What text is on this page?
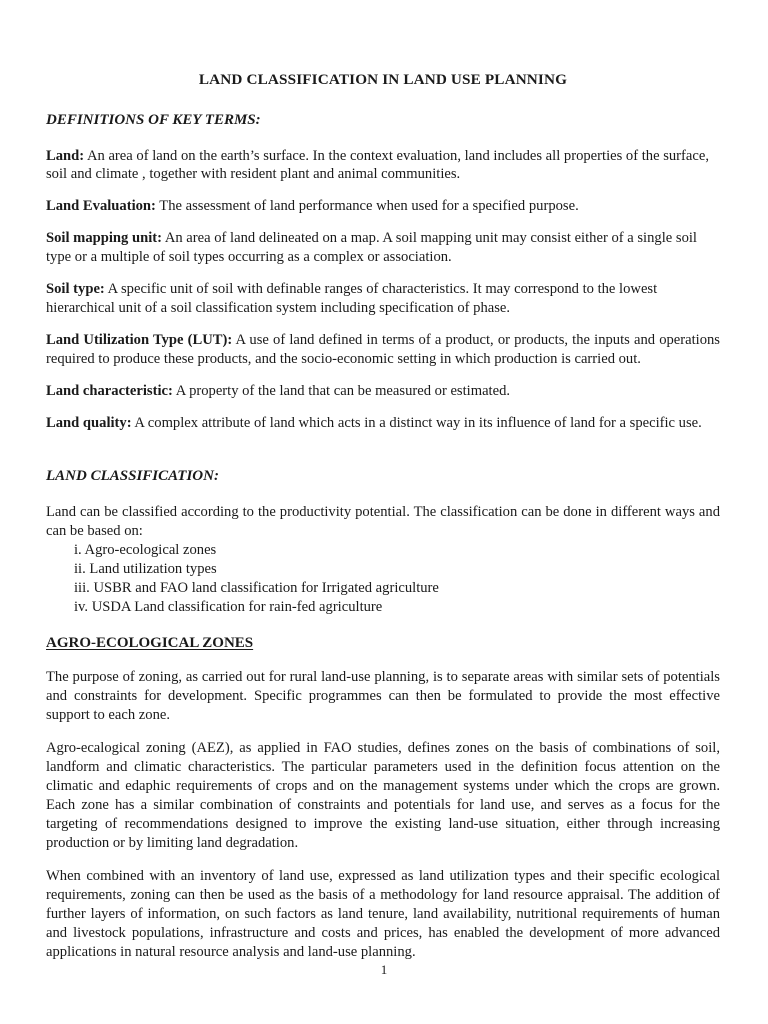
LAND CLASSIFICATION IN LAND USE PLANNING
DEFINITIONS OF KEY TERMS:

Land: An area of land on the earth’s surface. In the context evaluation, land includes all properties of the surface, soil and climate , together with resident plant and animal communities.

Land Evaluation: The assessment of land performance when used for a specified purpose.

Soil mapping unit: An area of land delineated on a map. A soil mapping unit may consist either of a single soil type or a multiple of soil types occurring as a complex or association.

Soil type: A specific unit of soil with definable ranges of characteristics. It may correspond to the lowest hierarchical unit of a soil classification system including specification of phase.

Land Utilization Type (LUT): A use of land defined in terms of a product, or products, the inputs and operations required to produce these products, and the socio-economic setting in which production is carried out.

Land characteristic: A property of the land that can be measured or estimated.

Land quality: A complex attribute of land which acts in a distinct way in its influence of land for a specific use.

LAND CLASSIFICATION:

Land can be classified according to the productivity potential. The classification can be done in different ways and can be based on:

i. Agro-ecological zones
ii. Land utilization types
iii. USBR and FAO land classification for Irrigated agriculture
iv. USDA Land classification for rain-fed agriculture
AGRO-ECOLOGICAL ZONES

The purpose of zoning, as carried out for rural land-use planning, is to separate areas with similar sets of potentials and constraints for development. Specific programmes can then be formulated to provide the most effective support to each zone.

Agro-ecalogical zoning (AEZ), as applied in FAO studies, defines zones on the basis of combinations of soil, landform and climatic characteristics. The particular parameters used in the definition focus attention on the climatic and edaphic requirements of crops and on the management systems under which the crops are grown. Each zone has a similar combination of constraints and potentials for land use, and serves as a focus for the targeting of recommendations designed to improve the existing land-use situation, either through increasing production or by limiting land degradation.

When combined with an inventory of land use, expressed as land utilization types and their specific ecological requirements, zoning can then be used as the basis of a methodology for land resource appraisal. The addition of further layers of information, on such factors as land tenure, land availability, nutritional requirements of human and livestock populations, infrastructure and costs and prices, has enabled the development of more advanced applications in natural resource analysis and land-use planning.

1
